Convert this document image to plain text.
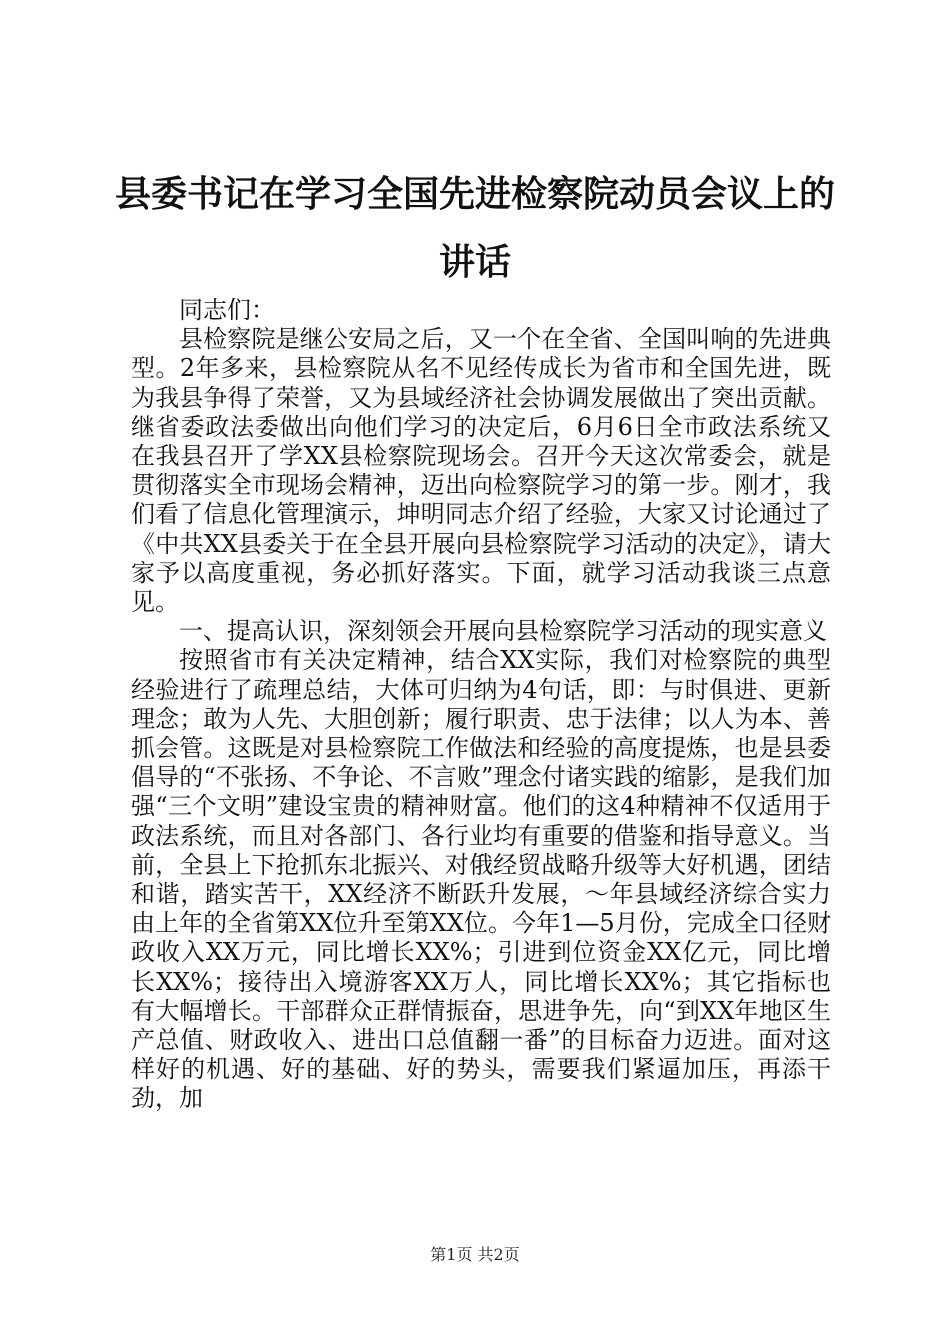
县委书记在学习全国先进检察院动员会议上的讲话

同志们：

县检察院是继公安局之后，又一个在全省、全国叫响的先进典型。2年多来，县检察院从名不见经传成长为省市和全国先进，既为我县争得了荣誉，又为县域经济社会协调发展做出了突出贡献。继省委政法委做出向他们学习的决定后，6月6日全市政法系统又在我县召开了学XX县检察院现场会。召开今天这次常委会，就是贯彻落实全市现场会精神，迈出向检察院学习的第一步。刚才，我们看了信息化管理演示，坤明同志介绍了经验，大家又讨论通过了《中共XX县委关于在全县开展向县检察院学习活动的决定》，请大家予以高度重视，务必抓好落实。下面，就学习活动我谈三点意见。

一、提高认识，深刻领会开展向县检察院学习活动的现实意义

按照省市有关决定精神，结合XX实际，我们对检察院的典型经验进行了疏理总结，大体可归纳为4句话，即：与时俱进、更新理念；敢为人先、大胆创新；履行职责、忠于法律；以人为本、善抓会管。这既是对县检察院工作做法和经验的高度提炼，也是县委倡导的“不张扬、不争论、不言败”理念付诸实践的缩影，是我们加强“三个文明”建设宝贵的精神财富。他们的这4种精神不仅适用于政法系统，而且对各部门、各行业均有重要的借鉴和指导意义。当前，全县上下抢抓东北振兴、对俄经贸战略升级等大好机遇，团结和谐，踏实苦干，XX经济不断跃升发展，～年县域经济综合实力由上年的全省第XX位升至第XX位。今年1—5月份，完成全口径财政收入XX万元，同比增长XX%；引进到位资金XX亿元，同比增长XX%；接待出入境游客XX万人，同比增长XX%；其它指标也有大幅增长。干部群众正群情振奋，思进争先，向“到XX年地区生产总值、财政收入、进出口总值翻一番”的目标奋力迈进。面对这样好的机遇、好的基础、好的势头，需要我们紧逼加压，再添干劲，加

第1页 共2页
